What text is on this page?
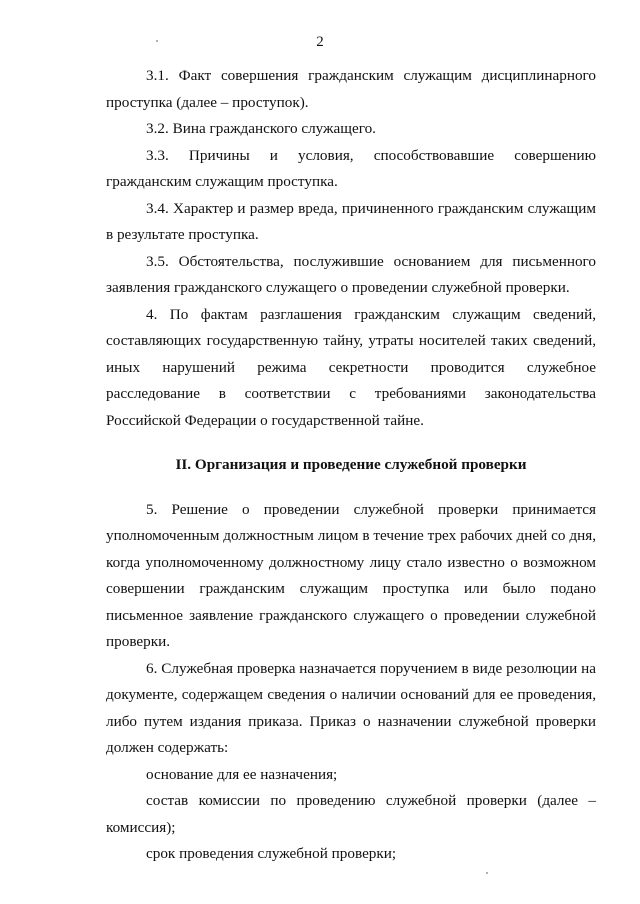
2

3.1. Факт совершения гражданским служащим дисциплинарного проступка (далее – проступок).

3.2. Вина гражданского служащего.

3.3. Причины и условия, способствовавшие совершению гражданским служащим проступка.

3.4. Характер и размер вреда, причиненного гражданским служащим в результате проступка.

3.5. Обстоятельства, послужившие основанием для письменного заявления гражданского служащего о проведении служебной проверки.

4. По фактам разглашения гражданским служащим сведений, составляющих государственную тайну, утраты носителей таких сведений, иных нарушений режима секретности проводится служебное расследование в соответствии с требованиями законодательства Российской Федерации о государственной тайне.

II. Организация и проведение служебной проверки

5. Решение о проведении служебной проверки принимается уполномоченным должностным лицом в течение трех рабочих дней со дня, когда уполномоченному должностному лицу стало известно о возможном совершении гражданским служащим проступка или было подано письменное заявление гражданского служащего о проведении служебной проверки.

6. Служебная проверка назначается поручением в виде резолюции на документе, содержащем сведения о наличии оснований для ее проведения, либо путем издания приказа. Приказ о назначении служебной проверки должен содержать:

основание для ее назначения;

состав комиссии по проведению служебной проверки (далее – комиссия);

срок проведения служебной проверки;
